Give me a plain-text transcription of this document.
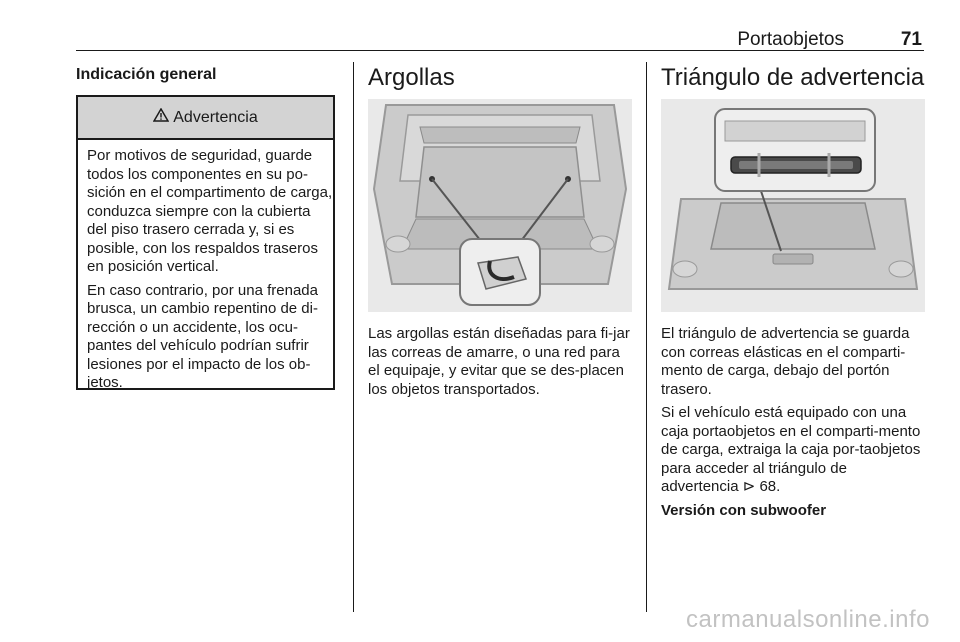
Portaobjetos	71
Indicación general
Advertencia

Por motivos de seguridad, guarde todos los componentes en su po-sición en el compartimento de carga, conduzca siempre con la cubierta del piso trasero cerrada y, si es posible, con los respaldos traseros en posición vertical.

En caso contrario, por una frenada brusca, un cambio repentino de di-rección o un accidente, los ocu-pantes del vehículo podrían sufrir lesiones por el impacto de los ob-jetos.

Argollas

Las argollas están diseñadas para fi-jar las correas de amarre, o una red para el equipaje, y evitar que se des-placen los objetos transportados.

Triángulo de advertencia

El triángulo de advertencia se guarda con correas elásticas en el comparti-mento de carga, debajo del portón trasero.

Si el vehículo está equipado con una caja portaobjetos en el comparti-mento de carga, extraiga la caja por-taobjetos para acceder al triángulo de advertencia ⊳ 68.

Versión con subwoofer

carmanualsonline.info
